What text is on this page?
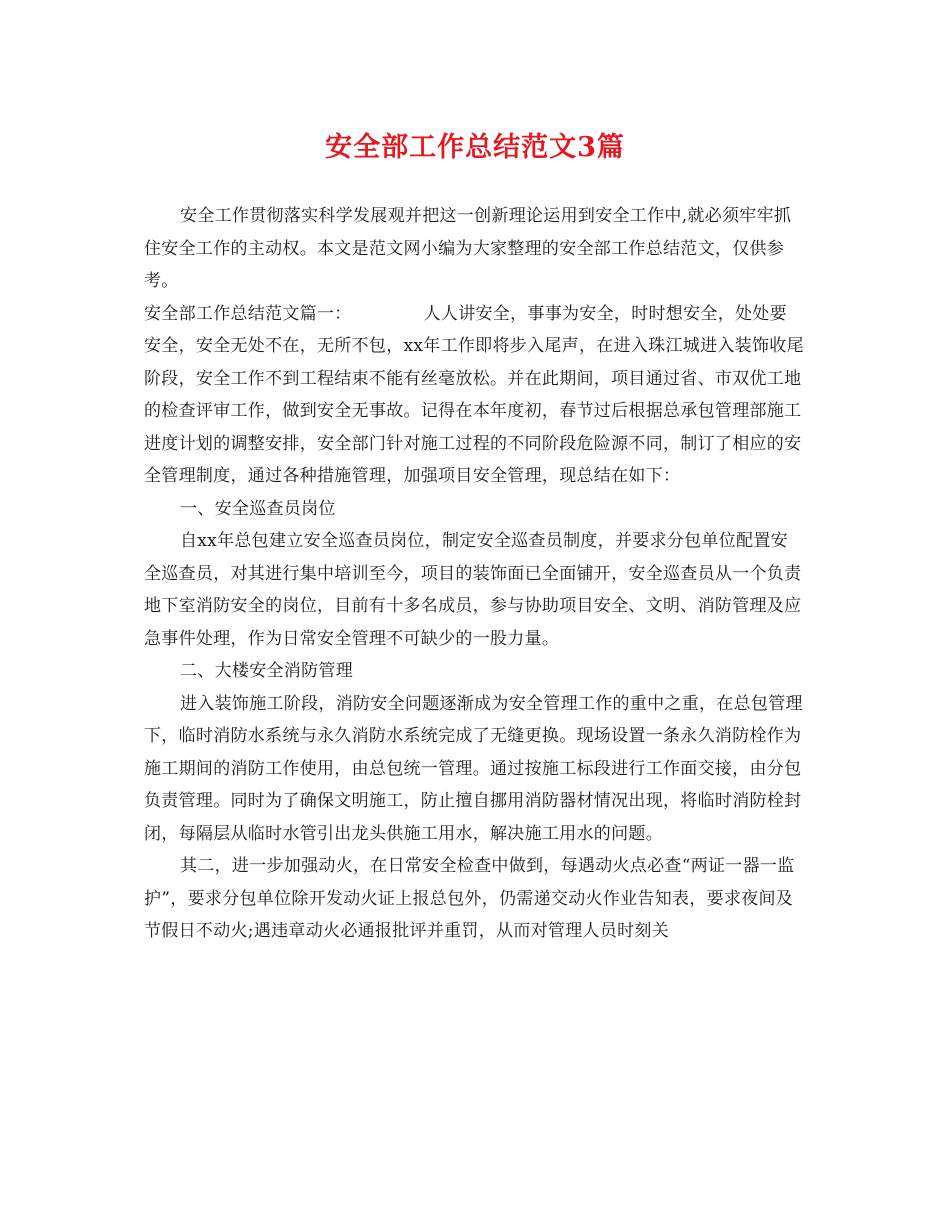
安全部工作总结范文3篇

安全工作贯彻落实科学发展观并把这一创新理论运用到安全工作中,就必须牢牢抓住安全工作的主动权。本文是范文网小编为大家整理的安全部工作总结范文，仅供参考。

安全部工作总结范文篇一：	人人讲安全，事事为安全，时时想安全，处处要安全，安全无处不在，无所不包，xx年工作即将步入尾声，在进入珠江城进入装饰收尾阶段，安全工作不到工程结束不能有丝毫放松。并在此期间，项目通过省、市双优工地的检查评审工作，做到安全无事故。记得在本年度初，春节过后根据总承包管理部施工进度计划的调整安排，安全部门针对施工过程的不同阶段危险源不同，制订了相应的安全管理制度，通过各种措施管理，加强项目安全管理，现总结在如下：

一、安全巡查员岗位

自xx年总包建立安全巡查员岗位，制定安全巡查员制度，并要求分包单位配置安全巡查员，对其进行集中培训至今，项目的装饰面已全面铺开，安全巡查员从一个负责地下室消防安全的岗位，目前有十多名成员，参与协助项目安全、文明、消防管理及应急事件处理，作为日常安全管理不可缺少的一股力量。

二、大楼安全消防管理

进入装饰施工阶段，消防安全问题逐渐成为安全管理工作的重中之重，在总包管理下，临时消防水系统与永久消防水系统完成了无缝更换。现场设置一条永久消防栓作为施工期间的消防工作使用，由总包统一管理。通过按施工标段进行工作面交接，由分包负责管理。同时为了确保文明施工，防止擅自挪用消防器材情况出现，将临时消防栓封闭，每隔层从临时水管引出龙头供施工用水，解决施工用水的问题。

其二，进一步加强动火，在日常安全检查中做到，每遇动火点必查“两证一器一监护”，要求分包单位除开发动火证上报总包外，仍需递交动火作业告知表，要求夜间及节假日不动火;遇违章动火必通报批评并重罚，从而对管理人员时刻关
